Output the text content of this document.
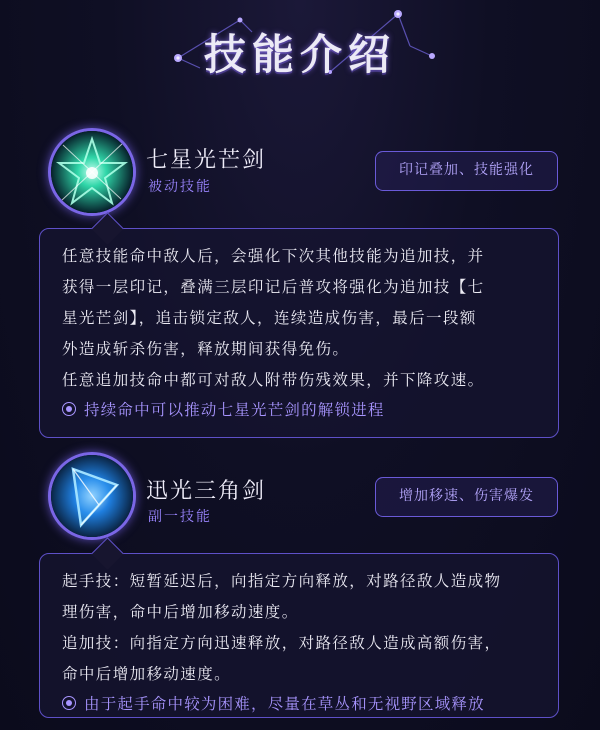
技能介绍
七星光芒剑
被动技能
印记叠加、技能强化
任意技能命中敌人后，会强化下次其他技能为追加技，并
获得一层印记，叠满三层印记后普攻将强化为追加技【七
星光芒剑】，追击锁定敌人，连续造成伤害，最后一段额
外造成斩杀伤害，释放期间获得免伤。
任意追加技命中都可对敌人附带伤残效果，并下降攻速。
持续命中可以推动七星光芒剑的解锁进程
迅光三角剑
副一技能
增加移速、伤害爆发
起手技：短暂延迟后，向指定方向释放，对路径敌人造成物
理伤害，命中后增加移动速度。
追加技：向指定方向迅速释放，对路径敌人造成高额伤害，
命中后增加移动速度。
由于起手命中较为困难，尽量在草丛和无视野区域释放
